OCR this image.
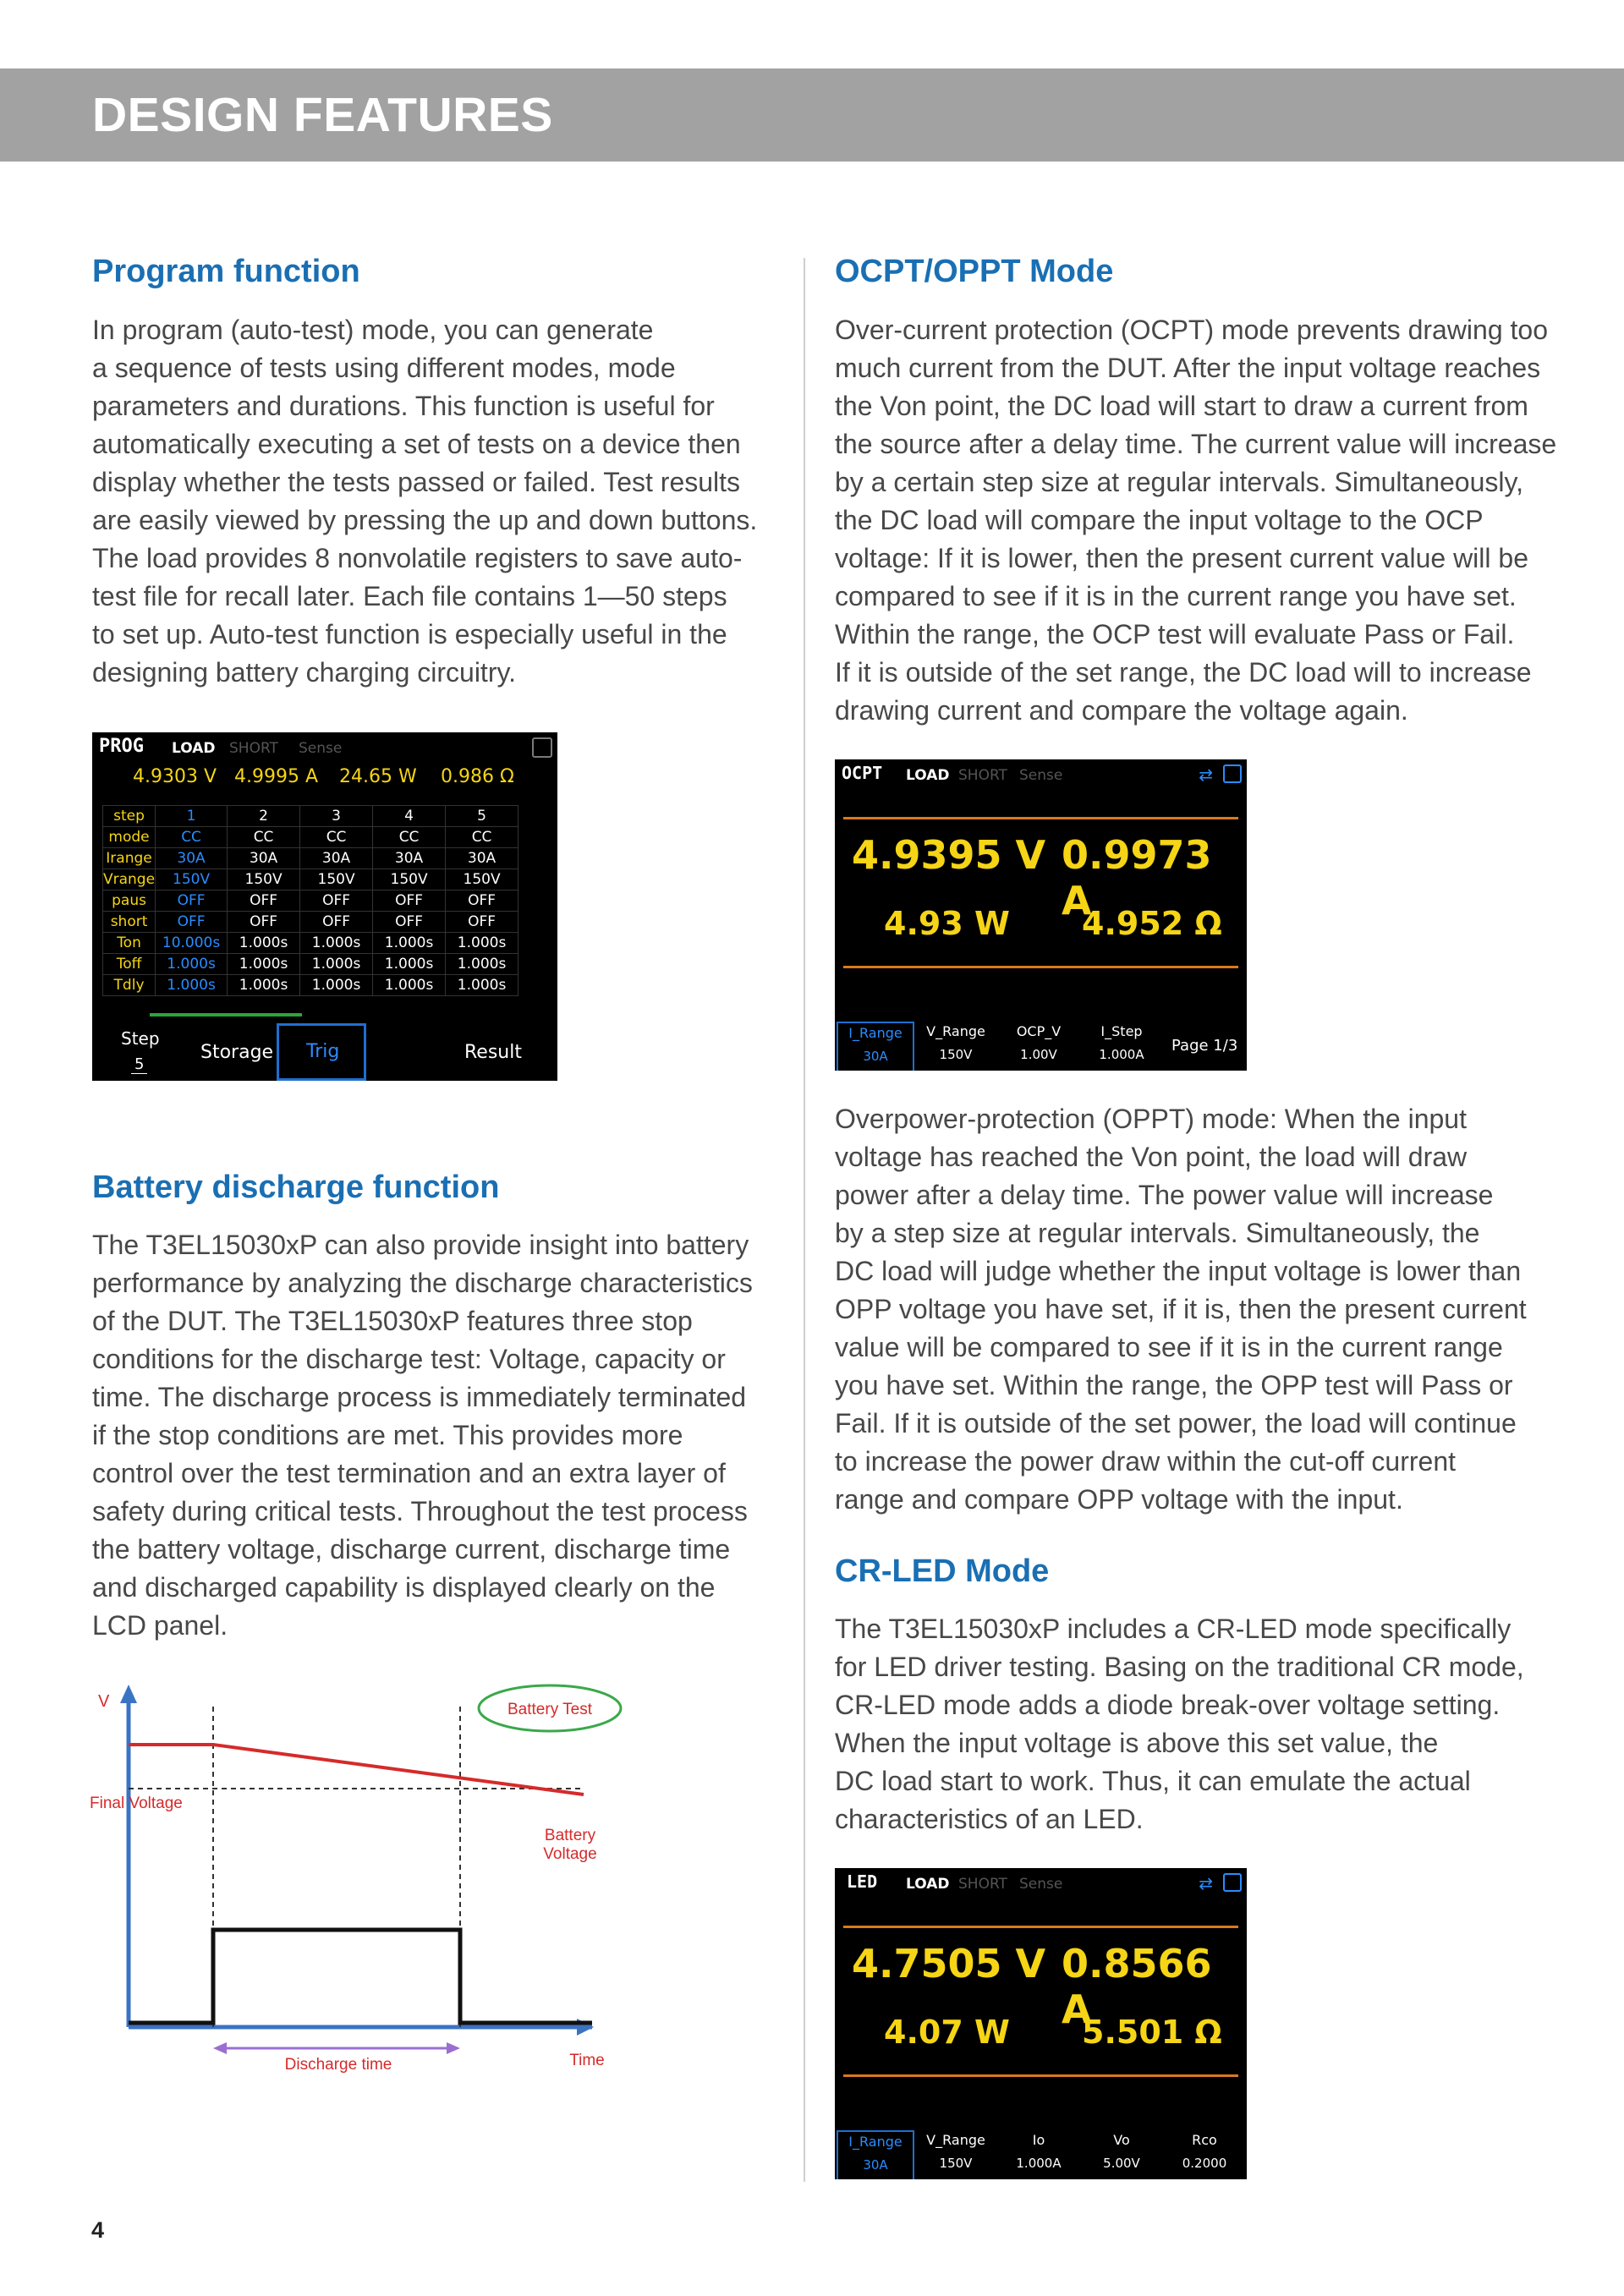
DESIGN FEATURES
Program function
In program (auto-test) mode, you can generate
a sequence of tests using different modes, mode
parameters and durations. This function is useful for
automatically executing a set of tests on a device then
display whether the tests passed or failed. Test results
are easily viewed by pressing the up and down buttons.
The load provides 8 nonvolatile registers to save auto-
test file for recall later. Each file contains 1—50 steps
to set up. Auto-test function is especially useful in the
designing battery charging circuitry.
PROG LOAD SHORT Sense
4.9303 V 4.9995 A 24.65 W 0.986 Ω
step	1	2	3	4	5
mode	CC	CC	CC	CC	CC
Irange	30A	30A	30A	30A	30A
Vrange	150V	150V	150V	150V	150V
paus	OFF	OFF	OFF	OFF	OFF
short	OFF	OFF	OFF	OFF	OFF
Ton	10.000s	1.000s	1.000s	1.000s	1.000s
Toff	1.000s	1.000s	1.000s	1.000s	1.000s
Tdly	1.000s	1.000s	1.000s	1.000s	1.000s
Step
5
Storage Trig	Result
Battery discharge function
The T3EL15030xP can also provide insight into battery
performance by analyzing the discharge characteristics
of the DUT. The T3EL15030xP features three stop
conditions for the discharge test: Voltage, capacity or
time. The discharge process is immediately terminated
if the stop conditions are met. This provides more
control over the test termination and an extra layer of
safety during critical tests. Throughout the test process
the battery voltage, discharge current, discharge time
and discharged capability is displayed clearly on the
LCD panel.
V
Final Voltage
Battery Test
Battery
Voltage
Discharge time	Time
OCPT/OPPT Mode
Over-current protection (OCPT) mode prevents drawing too
much current from the DUT. After the input voltage reaches
the Von point, the DC load will start to draw a current from
the source after a delay time. The current value will increase
by a certain step size at regular intervals. Simultaneously,
the DC load will compare the input voltage to the OCP
voltage: If it is lower, then the present current value will be
compared to see if it is in the current range you have set.
Within the range, the OCP test will evaluate Pass or Fail.
If it is outside of the set range, the DC load will to increase
drawing current and compare the voltage again.
OCPT LOAD SHORT Sense	⇄
4.9395 V 0.9973 A
4.93 W 4.952 Ω
I_Range
30A
V_Range
150V
OCP_V
1.00V
I_Step
1.000A	Page 1/3
Overpower-protection (OPPT) mode: When the input
voltage has reached the Von point, the load will draw
power after a delay time. The power value will increase
by a step size at regular intervals. Simultaneously, the
DC load will judge whether the input voltage is lower than
OPP voltage you have set, if it is, then the present current
value will be compared to see if it is in the current range
you have set. Within the range, the OPP test will Pass or
Fail. If it is outside of the set power, the load will continue
to increase the power draw within the cut-off current
range and compare OPP voltage with the input.
CR-LED Mode
The T3EL15030xP includes a CR-LED mode specifically
for LED driver testing. Basing on the traditional CR mode,
CR-LED mode adds a diode break-over voltage setting.
When the input voltage is above this set value, the
DC load start to work. Thus, it can emulate the actual
characteristics of an LED.
LED LOAD SHORT Sense	⇄
4.7505 V 0.8566 A
4.07 W 5.501 Ω
I_Range
30A
V_Range
150V
Io
1.000A
Vo
5.00V
Rco
0.2000
4
